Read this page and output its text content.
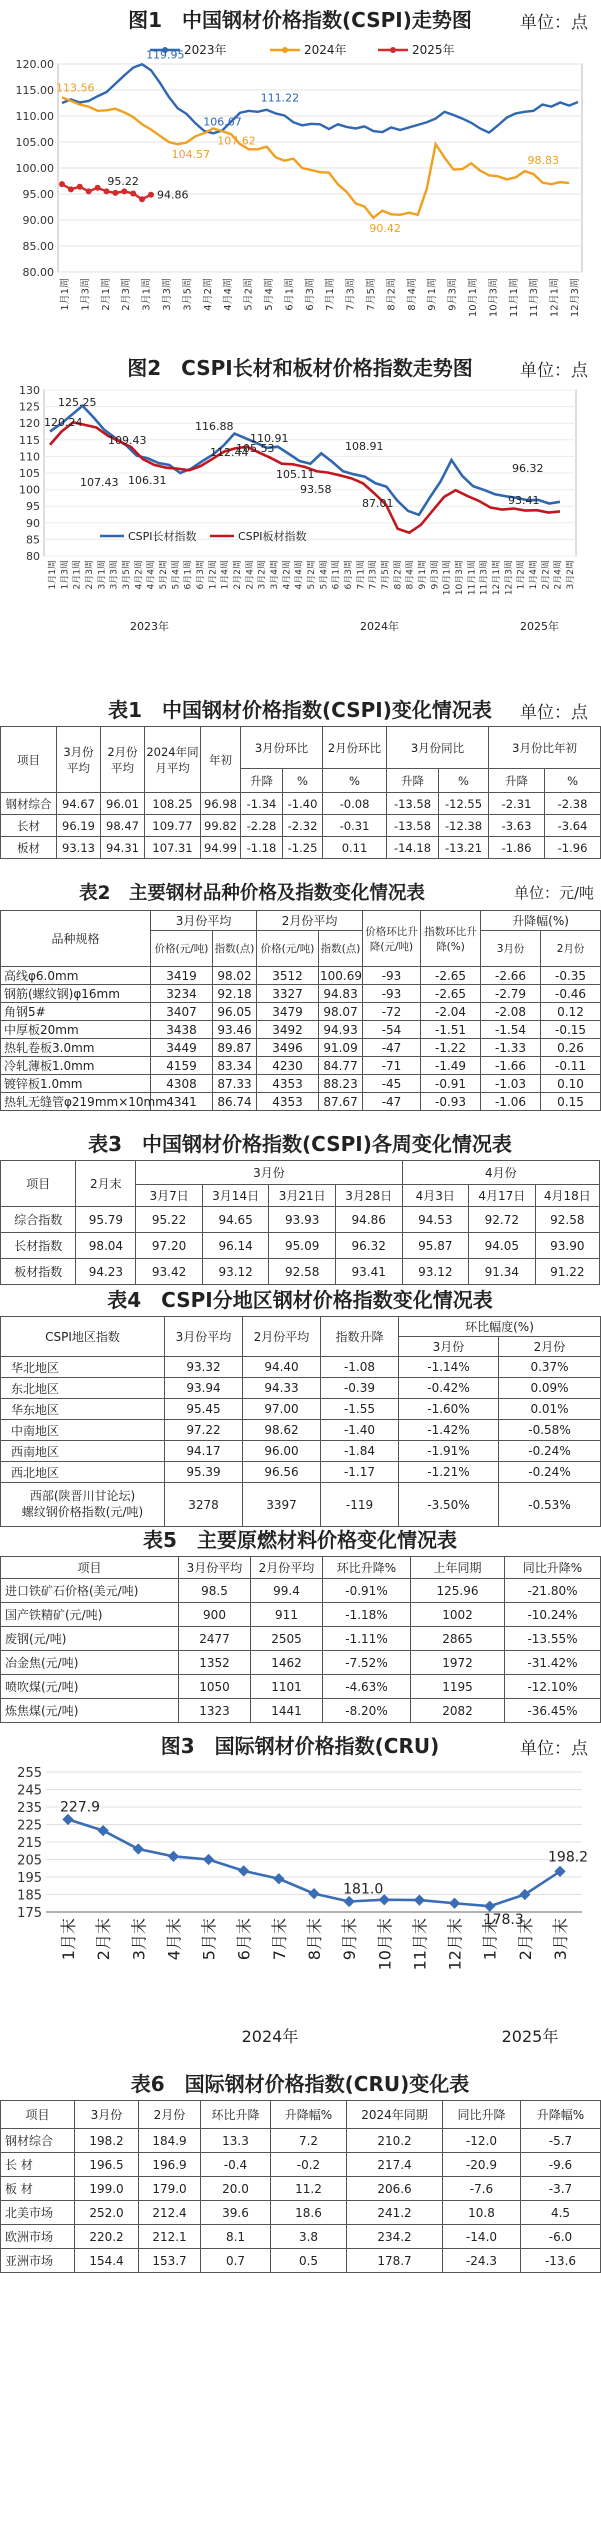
图1　中国钢材价格指数(CSPI)走势图	单位：点
120.00
115.00
110.00
105.00
100.00
95.00
90.00
85.00
80.00
2023年	2024年	2025年
113.56
119.95
106.67
111.22
104.57
107.62
95.22
94.86
90.42
98.83
1月1周 1月3周 2月1周 2月3周 3月1周 3月3周 3月5周 4月2周 4月4周 5月2周 5月4周 6月1周 6月3周 7月1周 7月3周 7月5周 8月2周 8月4周 9月1周 9月3周 10月1周 10月3周 11月1周 11月3周 12月1周 12月3周
图2　CSPI长材和板材价格指数走势图	单位：点
130
125
120
115
110
105
100
95
90
85
80
CSPI长材指数	CSPI板材指数
125.25
120.24
109.43
107.43 106.31
116.88
112.44
110.91
105.53
105.11
108.91
93.58
87.01
96.32
93.41
1月1周 1月3周 2月1周 2月3周 3月1周 3月3周 3月5周 4月2周 4月4周 5月2周 5月4周 6月1周 6月3周 1月2周 1月4周 2月2周 2月4周 3月2周 3月4周 4月2周 4月4周 5月2周 5月4周 6月1周 6月3周 7月1周 7月3周 7月5周 8月2周 8月4周 9月1周 9月3周 10月1周 10月3周 11月1周 11月3周 12月1周 12月3周 1月2周 1月4周 2月2周 2月4周 3月2周
2023年	2024年	2025年
表1　中国钢材价格指数(CSPI)变化情况表 单位：点
项目	3月份平均	2月份平均	2024年同月平均	年初	3月份环比		2月份环比	3月份同比		3月份比年初	
					升降	%	%	升降	%	升降	%
钢材综合	94.67	96.01	108.25	96.98	-1.34	-1.40	-0.08	-13.58	-12.55	-2.31	-2.38
长材	96.19	98.47	109.77	99.82	-2.28	-2.32	-0.31	-13.58	-12.38	-3.63	-3.64
板材	93.13	94.31	107.31	94.99	-1.18	-1.25	0.11	-14.18	-13.21	-1.86	-1.96
表2　主要钢材品种价格及指数变化情况表	单位：元/吨
品种规格	3月份平均		2月份平均		价格环比升降(元/吨)	指数环比升降(%)	升降幅(%)	
	价格(元/吨)	指数(点)	价格(元/吨)	指数(点)			3月份	2月份
高线φ6.0mm	3419	98.02	3512	100.69	-93	-2.65	-2.66	-0.35
钢筋(螺纹钢)φ16mm	3234	92.18	3327	94.83	-93	-2.65	-2.79	-0.46
角钢5#	3407	96.05	3479	98.07	-72	-2.04	-2.08	0.12
中厚板20mm	3438	93.46	3492	94.93	-54	-1.51	-1.54	-0.15
热轧卷板3.0mm	3449	89.87	3496	91.09	-47	-1.22	-1.33	0.26
冷轧薄板1.0mm	4159	83.34	4230	84.77	-71	-1.49	-1.66	-0.11
镀锌板1.0mm	4308	87.33	4353	88.23	-45	-0.91	-1.03	0.10
热轧无缝管φ219mm×10mm	4341	86.74	4353	87.67	-47	-0.93	-1.06	0.15
表3　中国钢材价格指数(CSPI)各周变化情况表
项目	2月末	3月份				4月份		
		3月7日	3月14日	3月21日	3月28日	4月3日	4月17日	4月18日
综合指数	95.79	95.22	94.65	93.93	94.86	94.53	92.72	92.58
长材指数	98.04	97.20	96.14	95.09	96.32	95.87	94.05	93.90
板材指数	94.23	93.42	93.12	92.58	93.41	93.12	91.34	91.22
表4　CSPI分地区钢材价格指数变化情况表
CSPI地区指数	3月份平均	2月份平均	指数升降	环比幅度(%)	
				3月份	2月份
华北地区	93.32	94.40	-1.08	-1.14%	0.37%
东北地区	93.94	94.33	-0.39	-0.42%	0.09%
华东地区	95.45	97.00	-1.55	-1.60%	0.01%
中南地区	97.22	98.62	-1.40	-1.42%	-0.58%
西南地区	94.17	96.00	-1.84	-1.91%	-0.24%
西北地区	95.39	96.56	-1.17	-1.21%	-0.24%
西部(陕晋川甘论坛)
螺纹钢价格指数(元/吨)	3278	3397	-119	-3.50%	-0.53%
表5　主要原燃材料价格变化情况表
项目	3月份平均	2月份平均	环比升降%	上年同期	同比升降%
进口铁矿石价格(美元/吨)	98.5	99.4	-0.91%	125.96	-21.80%
国产铁精矿(元/吨)	900	911	-1.18%	1002	-10.24%
废钢(元/吨)	2477	2505	-1.11%	2865	-13.55%
冶金焦(元/吨)	1352	1462	-7.52%	1972	-31.42%
喷吹煤(元/吨)	1050	1101	-4.63%	1195	-12.10%
炼焦煤(元/吨)	1323	1441	-8.20%	2082	-36.45%
图3　国际钢材价格指数(CRU)	单位：点
255
245
235
225
215
205
195
185
175
227.9
181.0
178.3
198.2
1月末 2月末 3月末 4月末 5月末 6月末 7月末 8月末 9月末 10月末 11月末 12月末 1月末 2月末 3月末
2024年	2025年
表6　国际钢材价格指数(CRU)变化表
项目	3月份	2月份	环比升降	升降幅%	2024年同期	同比升降	升降幅%
钢材综合	198.2	184.9	13.3	7.2	210.2	-12.0	-5.7
长 材	196.5	196.9	-0.4	-0.2	217.4	-20.9	-9.6
板 材	199.0	179.0	20.0	11.2	206.6	-7.6	-3.7
北美市场	252.0	212.4	39.6	18.6	241.2	10.8	4.5
欧洲市场	220.2	212.1	8.1	3.8	234.2	-14.0	-6.0
亚洲市场	154.4	153.7	0.7	0.5	178.7	-24.3	-13.6
